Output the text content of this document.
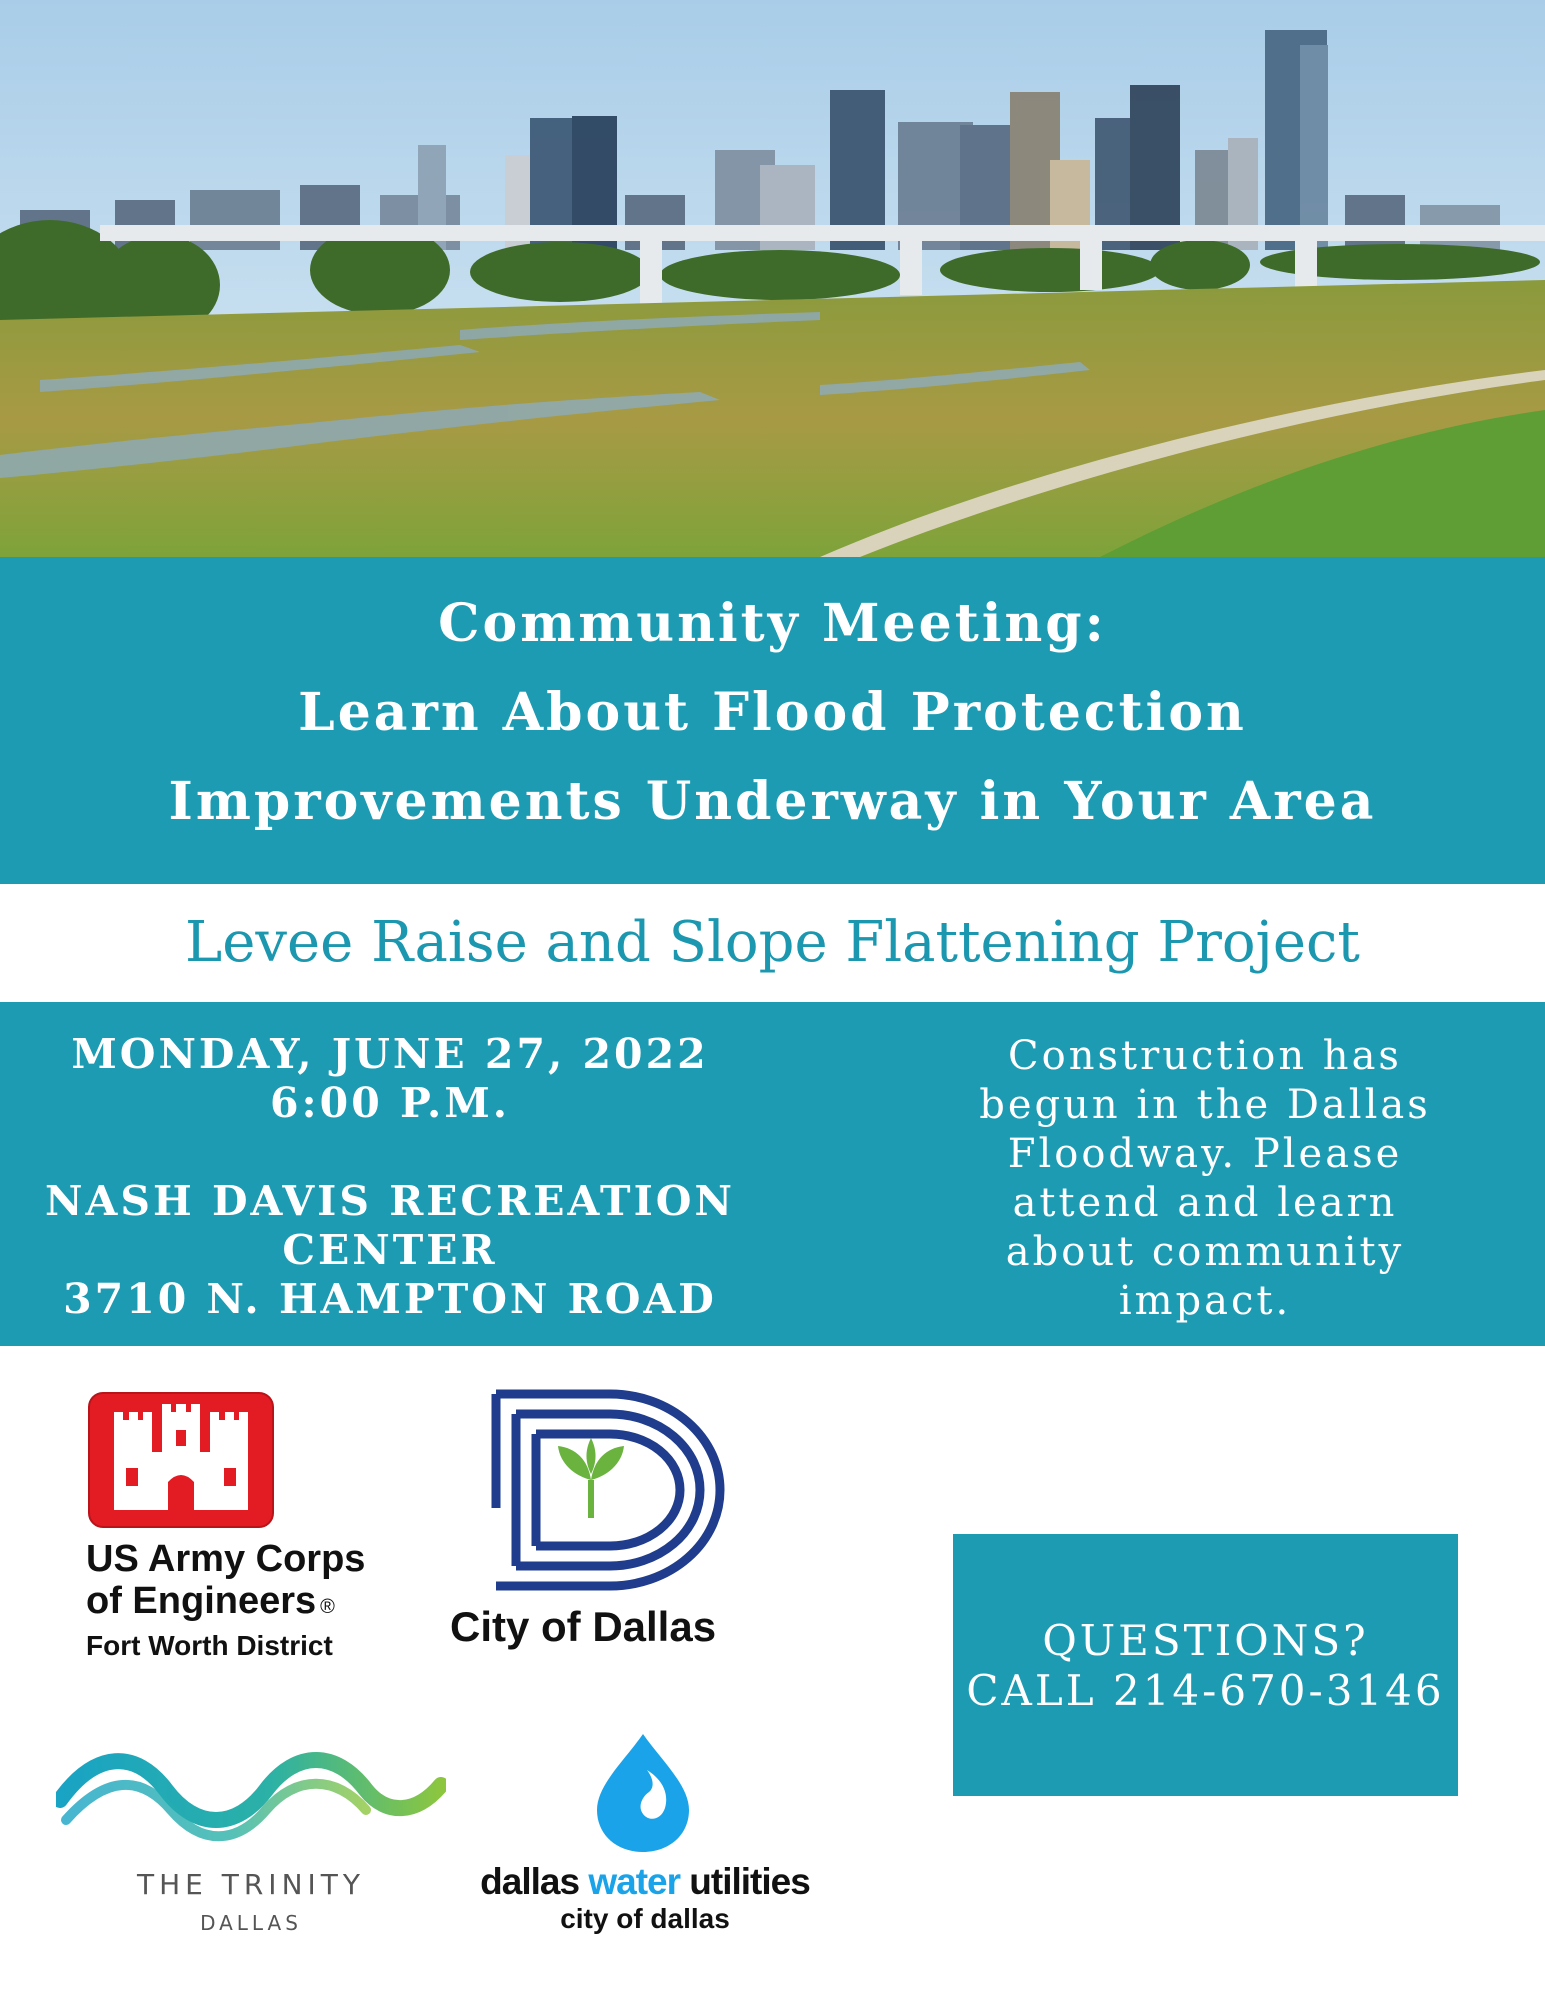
Community Meeting:
Learn About Flood Protection
Improvements Underway in Your Area
Levee Raise and Slope Flattening Project
MONDAY, JUNE 27, 2022
6:00 P.M.
NASH DAVIS RECREATION
CENTER
3710 N. HAMPTON ROAD
Construction has
begun in the Dallas
Floodway. Please
attend and learn
about community
impact.
US Army Corps
of Engineers ®
Fort Worth District	City of Dallas
THE TRINITY
DALLAS
dallas water utilities
city of dallas
QUESTIONS?
CALL 214-670-3146
